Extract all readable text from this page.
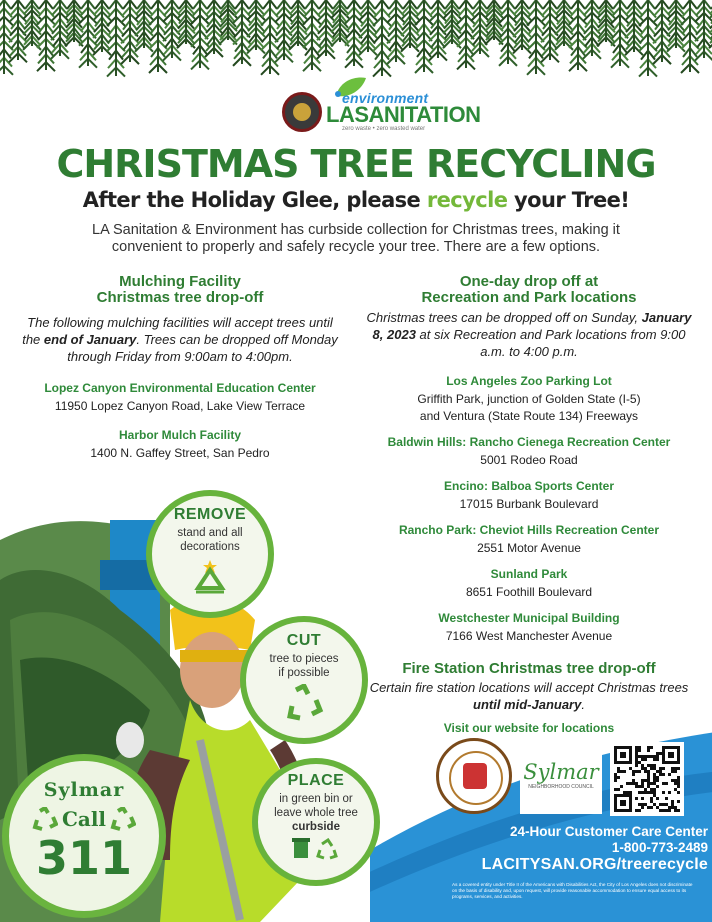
environment
LASANITATION
zero waste • zero wasted water
CHRISTMAS TREE RECYCLING
After the Holiday Glee, please recycle your Tree!
LA Sanitation & Environment has curbside collection for Christmas trees, making it convenient to properly and safely recycle your tree. There are a few options.
Mulching Facility
Christmas tree drop-off
The following mulching facilities will accept trees until the end of January. Trees can be dropped off Monday through Friday from 9:00am to 4:00pm.
Lopez Canyon Environmental Education Center
11950 Lopez Canyon Road, Lake View Terrace
Harbor Mulch Facility
1400 N. Gaffey Street, San Pedro
One-day drop off at
Recreation and Park locations
Christmas trees can be dropped off on Sunday, January 8, 2023 at six Recreation and Park locations from 9:00 a.m. to 4:00 p.m.
Los Angeles Zoo Parking Lot
Griffith Park, junction of Golden State (I-5)
and Ventura (State Route 134) Freeways
Baldwin Hills: Rancho Cienega Recreation Center
5001 Rodeo Road
Encino: Balboa Sports Center
17015 Burbank Boulevard
Rancho Park: Cheviot Hills Recreation Center
2551 Motor Avenue
Sunland Park
8651 Foothill Boulevard
Westchester Municipal Building
7166 West Manchester Avenue
Fire Station Christmas tree drop-off
Certain fire station locations will accept Christmas trees until mid-January.
Visit our website for locations
REMOVE
stand and all
decorations
CUT
tree to pieces
if possible
PLACE
in green bin or
leave whole tree
curbside
Sylmar
Call
311
Sylmar
NEIGHBORHOOD COUNCIL
24-Hour Customer Care Center
1-800-773-2489
LACITYSAN.ORG/treerecycle
As a covered entity under Title II of the Americans with Disabilities Act, the City of Los Angeles does not discriminate on the basis of disability and, upon request, will provide reasonable accommodation to ensure equal access to its programs, services, and activities.
